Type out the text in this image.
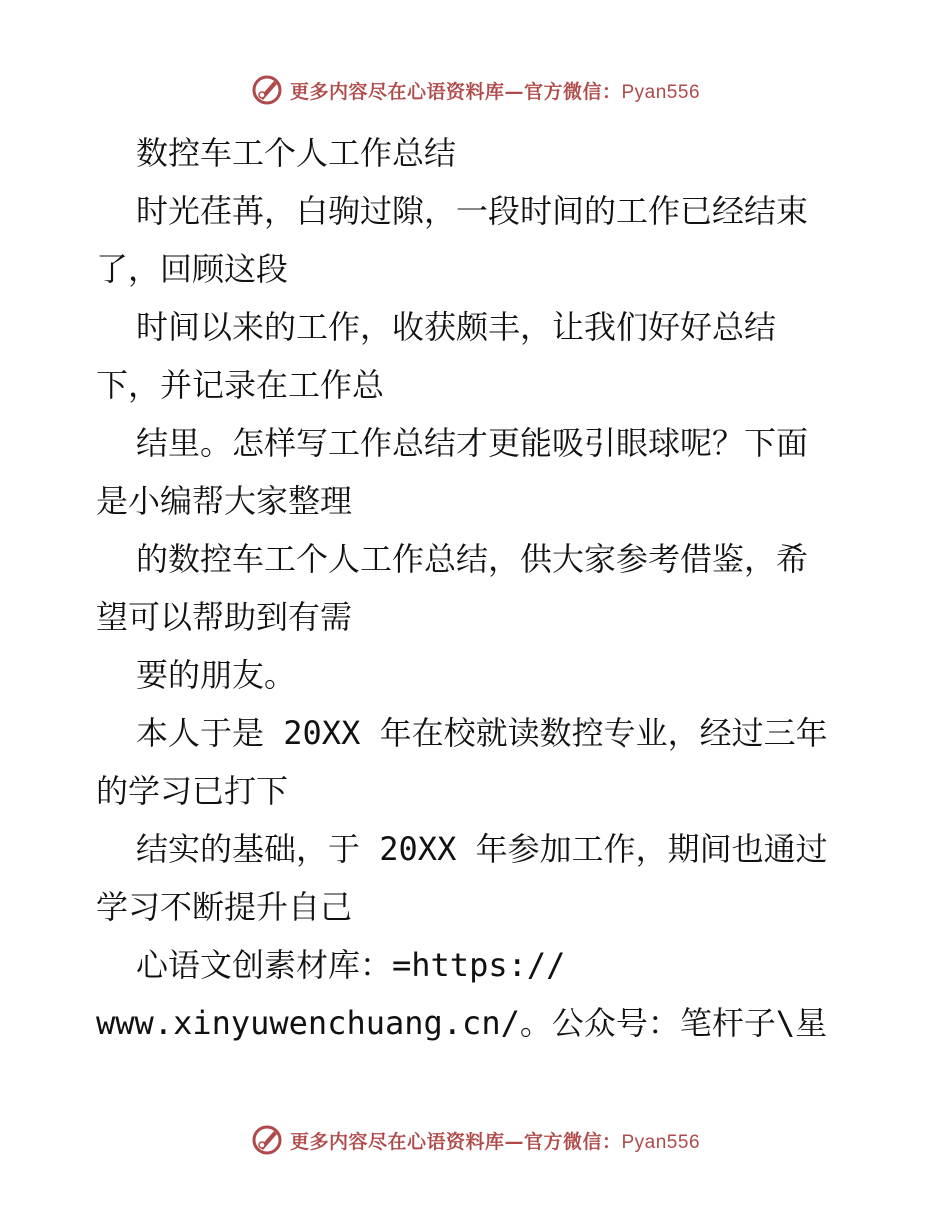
更多内容尽在心语资料库—官方微信：Pyan556

数控车工个人工作总结

时光荏苒，白驹过隙，一段时间的工作已经结束
了，回顾这段

时间以来的工作，收获颇丰，让我们好好总结
下，并记录在工作总

结里。怎样写工作总结才更能吸引眼球呢？下面
是小编帮大家整理

的数控车工个人工作总结，供大家参考借鉴，希
望可以帮助到有需

要的朋友。

本人于是 20XX 年在校就读数控专业，经过三年
的学习已打下

结实的基础，于 20XX 年参加工作，期间也通过
学习不断提升自己

心语文创素材库：=https://
www.xinyuwenchuang.cn/。公众号：笔杆子\星

更多内容尽在心语资料库—官方微信：Pyan556
